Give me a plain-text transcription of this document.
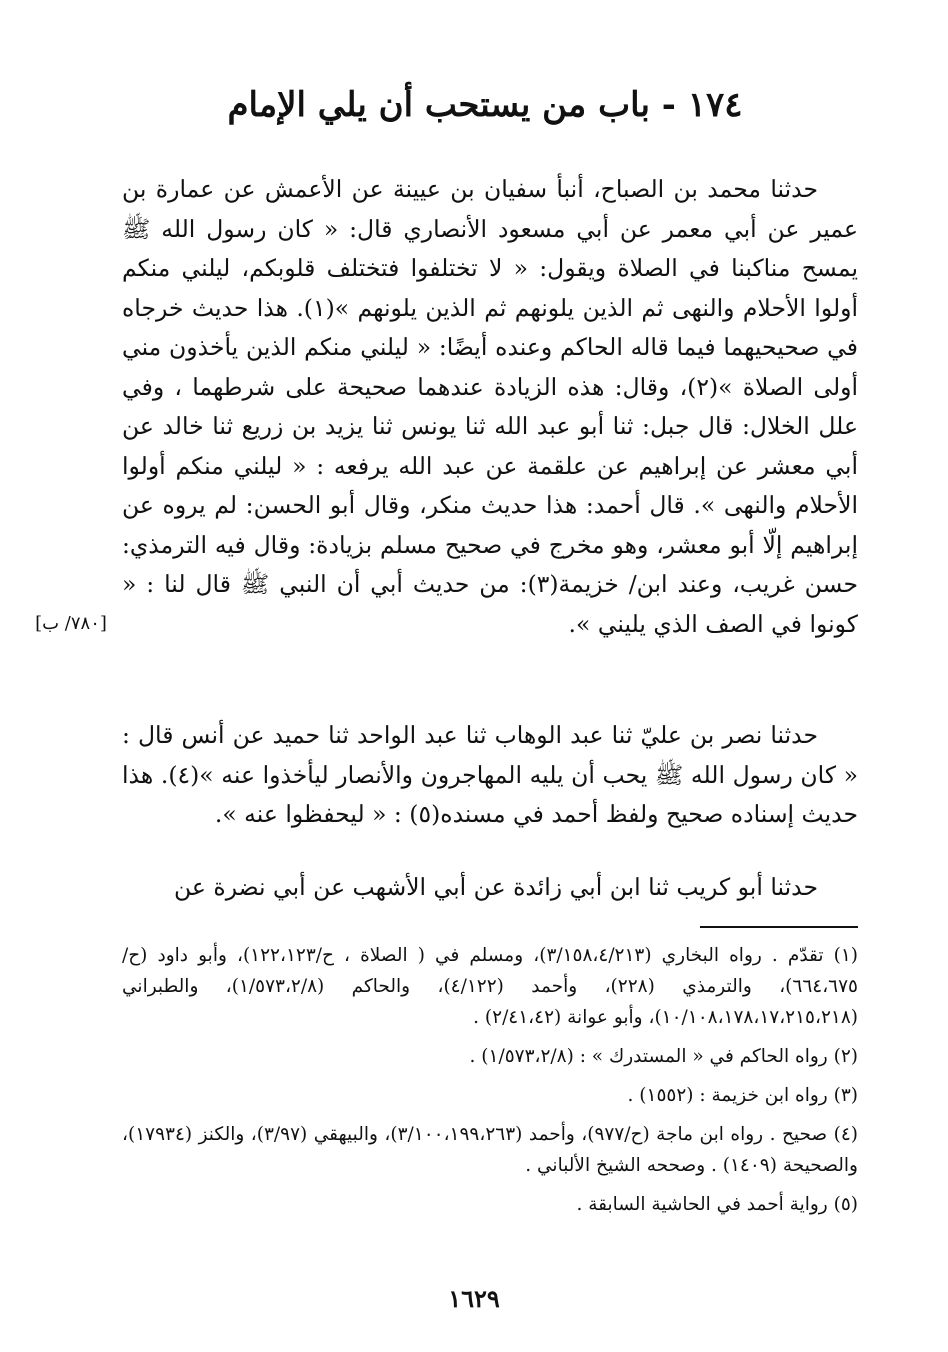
١٧٤ - باب من يستحب أن يلي الإمام

حدثنا محمد بن الصباح، أنبأ سفيان بن عيينة عن الأعمش عن عمارة بن عمير عن أبي معمر عن أبي مسعود الأنصاري قال: « كان رسول الله ﷺ يمسح مناكبنا في الصلاة ويقول: « لا تختلفوا فتختلف قلوبكم، ليلني منكم أولوا الأحلام والنهى ثم الذين يلونهم ثم الذين يلونهم »(١). هذا حديث خرجاه في صحيحيهما فيما قاله الحاكم وعنده أيضًا: « ليلني منكم الذين يأخذون مني أولى الصلاة »(٢)، وقال: هذه الزيادة عندهما صحيحة على شرطهما ، وفي علل الخلال: قال جبل: ثنا أبو عبد الله ثنا يونس ثنا يزيد بن زريع ثنا خالد عن أبي معشر عن إبراهيم عن علقمة عن عبد الله يرفعه : « ليلني منكم أولوا الأحلام والنهى ». قال أحمد: هذا حديث منكر، وقال أبو الحسن: لم يروه عن إبراهيم إلّا أبو معشر، وهو مخرج في صحيح مسلم بزيادة: وقال فيه الترمذي: حسن غريب، وعند ابن/ خزيمة(٣): من حديث أبي أن النبي ﷺ قال لنا : « كونوا في الصف الذي يليني ».

[٧٨٠/ ب]

حدثنا نصر بن عليّ ثنا عبد الوهاب ثنا عبد الواحد ثنا حميد عن أنس قال : « كان رسول الله ﷺ يحب أن يليه المهاجرون والأنصار ليأخذوا عنه »(٤). هذا حديث إسناده صحيح ولفظ أحمد في مسنده(٥) : « ليحفظوا عنه ».

حدثنا أبو كريب ثنا ابن أبي زائدة عن أبي الأشهب عن أبي نضرة عن

(١) تقدّم . رواه البخاري (٣/١٥٨،٤/٢١٣)، ومسلم في ( الصلاة ، ح/١٢٢،١٢٣)، وأبو داود (ح/٦٦٤،٦٧٥)، والترمذي (٢٢٨)، وأحمد (٤/١٢٢)، والحاكم (١/٥٧٣،٢/٨)، والطبراني (١٠/١٠٨،١٧٨،١٧،٢١٥،٢١٨)، وأبو عوانة (٢/٤١،٤٢) .

(٢) رواه الحاكم في « المستدرك » : (١/٥٧٣،٢/٨) .

(٣) رواه ابن خزيمة : (١٥٥٢) .

(٤) صحيح . رواه ابن ماجة (ح/٩٧٧)، وأحمد (٣/١٠٠،١٩٩،٢٦٣)، والبيهقي (٣/٩٧)، والكنز (١٧٩٣٤)، والصحيحة (١٤٠٩) . وصححه الشيخ الألباني .

(٥) رواية أحمد في الحاشية السابقة .

١٦٢٩
